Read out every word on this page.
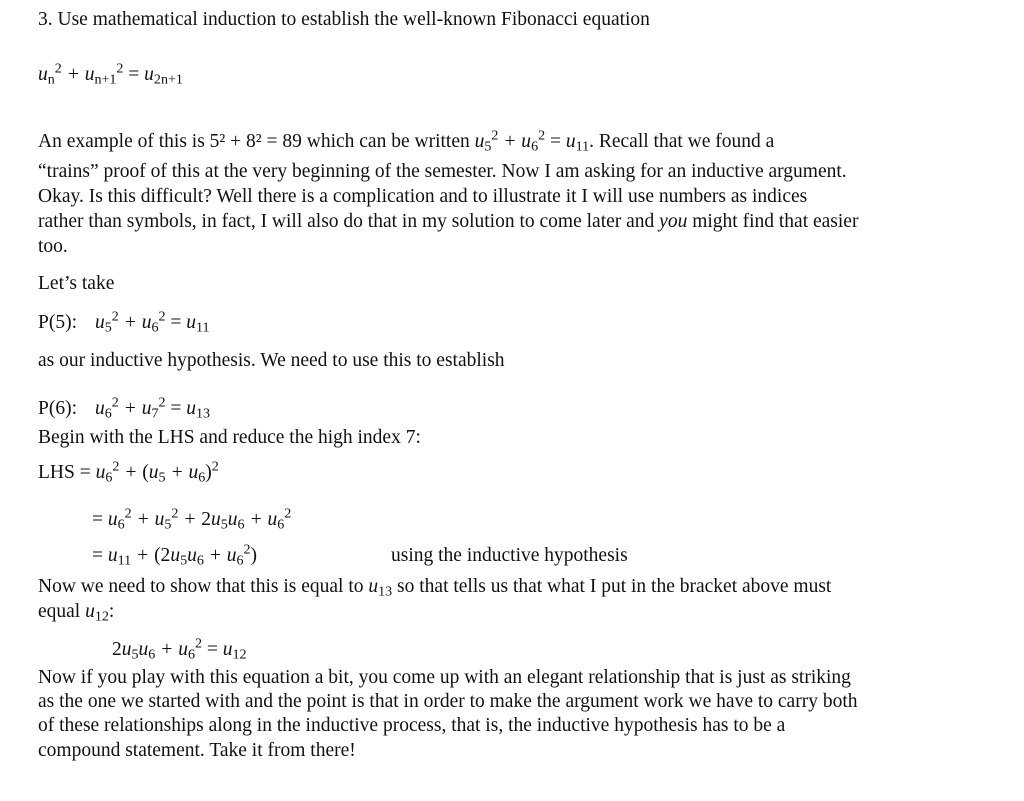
3. Use mathematical induction to establish the well-known Fibonacci equation
$u_n^2 + u_{n+1}^2 = u_{2n+1}$
An example of this is 5² + 8² = 89 which can be written $u_5^2 + u_6^2 = u_{11}$. Recall that we found a
“trains” proof of this at the very beginning of the semester. Now I am asking for an inductive argument.
Okay. Is this difficult? Well there is a complication and to illustrate it I will use numbers as indices
rather than symbols, in fact, I will also do that in my solution to come later and you might find that easier
too.
Let’s take
P(5): $u_5^2 + u_6^2 = u_{11}$
as our inductive hypothesis. We need to use this to establish
P(6): $u_6^2 + u_7^2 = u_{13}$
Begin with the LHS and reduce the high index 7:
LHS = $u_6^2 + (u_5 + u_6)^2$
= $u_6^2 + u_5^2 + 2u_5u_6 + u_6^2$
= $u_{11} + (2u_5u_6 + u_6^2)$	using the inductive hypothesis
Now we need to show that this is equal to $u_{13}$ so that tells us that what I put in the bracket above must
equal $u_{12}$:
$2u_5u_6 + u_6^2 = u_{12}$
Now if you play with this equation a bit, you come up with an elegant relationship that is just as striking
as the one we started with and the point is that in order to make the argument work we have to carry both
of these relationships along in the inductive process, that is, the inductive hypothesis has to be a
compound statement. Take it from there!
